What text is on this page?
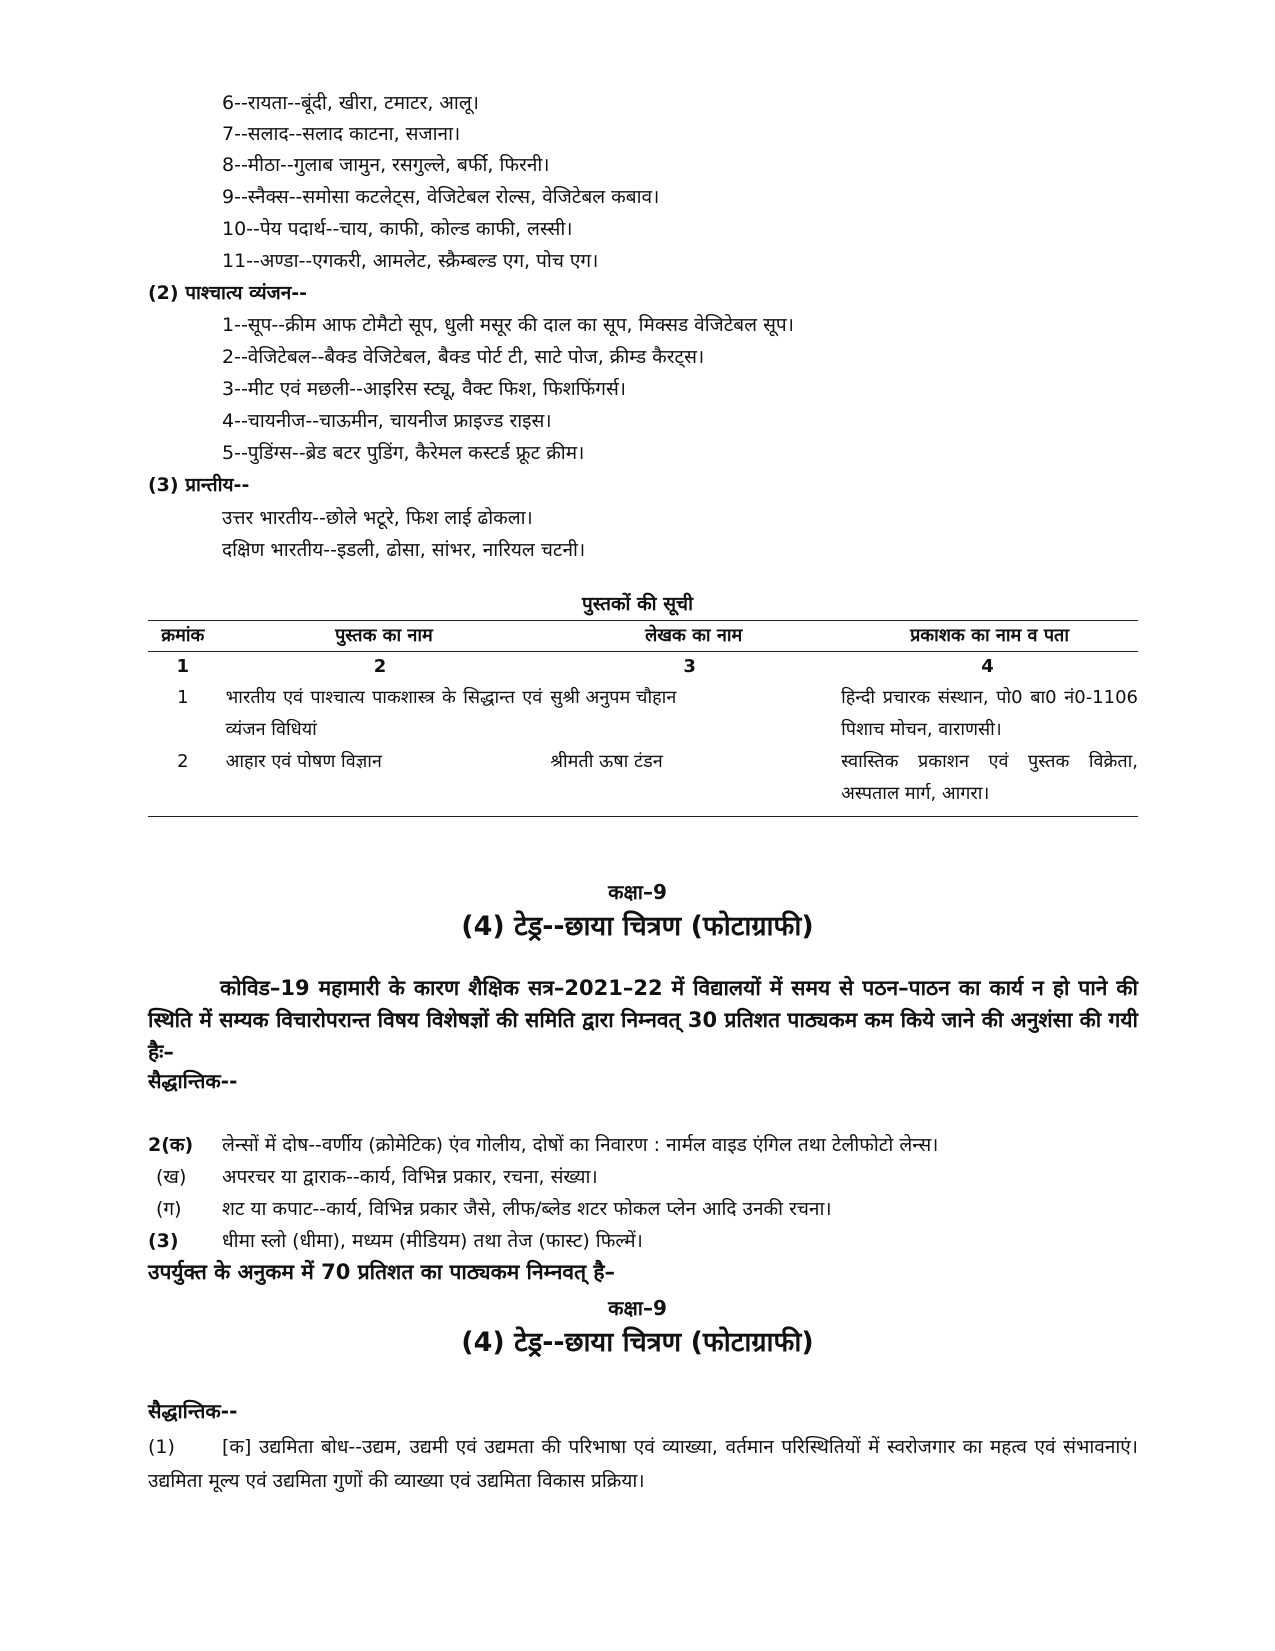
6--रायता--बूंदी, खीरा, टमाटर, आलू।
7--सलाद--सलाद काटना, सजाना।
8--मीठा--गुलाब जामुन, रसगुल्ले, बर्फी, फिरनी।
9--स्नैक्स--समोसा कटलेट्स, वेजिटेबल रोल्स, वेजिटेबल कबाव।
10--पेय पदार्थ--चाय, काफी, कोल्ड काफी, लस्सी।
11--अण्डा--एगकरी, आमलेट, स्क्रैम्बल्ड एग, पोच एग।
(2) पाश्चात्य व्यंजन--
1--सूप--क्रीम आफ टोमैटो सूप, धुली मसूर की दाल का सूप, मिक्सड वेजिटेबल सूप।
2--वेजिटेबल--बैक्ड वेजिटेबल, बैक्ड पोर्ट टी, साटे पोज, क्रीम्ड कैरट्स।
3--मीट एवं मछली--आइरिस स्ट्यू, वैक्ट फिश, फिशफिंगर्स।
4--चायनीज--चाऊमीन, चायनीज फ्राइज्ड राइस।
5--पुडिंग्स--ब्रेड बटर पुडिंग, कैरेमल कस्टर्ड फ्रूट क्रीम।
(3) प्रान्तीय--
उत्तर भारतीय--छोले भटूरे, फिश लाई ढोकला।
दक्षिण भारतीय--इडली, ढोसा, सांभर, नारियल चटनी।
पुस्तकों की सूची
क्रमांक	पुस्तक का नाम	लेखक का नाम	प्रकाशक का नाम व पता
1	2	3	4
1	भारतीय एवं पाश्चात्य पाकशास्त्र के सिद्धान्त एवं व्यंजन विधियां	सुश्री अनुपम चौहान	हिन्दी प्रचारक संस्थान, पो0 बा0 नं0-1106 पिशाच मोचन, वाराणसी।
2	आहार एवं पोषण विज्ञान	श्रीमती ऊषा टंडन	स्वास्तिक प्रकाशन एवं पुस्तक विक्रेता, अस्पताल मार्ग, आगरा।
कक्षा–9
(4) टेड्र--छाया चित्रण (फोटाग्राफी)
कोविड–19 महामारी के कारण शैक्षिक सत्र–2021–22 में विद्यालयों में समय से पठन–पाठन का कार्य न हो पाने की स्थिति में सम्यक विचारोपरान्त विषय विशेषज्ञों की समिति द्वारा निम्नवत् 30 प्रतिशत पाठ्यकम कम किये जाने की अनुशंसा की गयी हैः–
सैद्धान्तिक--
2(क) लेन्सों में दोष--वर्णीय (क्रोमेटिक) एंव गोलीय, दोषों का निवारण : नार्मल वाइड एंगिल तथा टेलीफोटो लेन्स।
(ख) अपरचर या द्वाराक--कार्य, विभिन्न प्रकार, रचना, संख्या।
(ग) शट या कपाट--कार्य, विभिन्न प्रकार जैसे, लीफ/ब्लेड शटर फोकल प्लेन आदि उनकी रचना।
(3) धीमा स्लो (धीमा), मध्यम (मीडियम) तथा तेज (फास्ट) फिल्में।
उपर्युक्त के अनुकम में 70 प्रतिशत का पाठ्यकम निम्नवत् है–
कक्षा–9
(4) टेड्र--छाया चित्रण (फोटाग्राफी)
सैद्धान्तिक--
(1) [क] उद्यमिता बोध--उद्यम, उद्यमी एवं उद्यमता की परिभाषा एवं व्याख्या, वर्तमान परिस्थितियों में स्वरोजगार का महत्व एवं संभावनाएं। उद्यमिता मूल्य एवं उद्यमिता गुणों की व्याख्या एवं उद्यमिता विकास प्रक्रिया।
